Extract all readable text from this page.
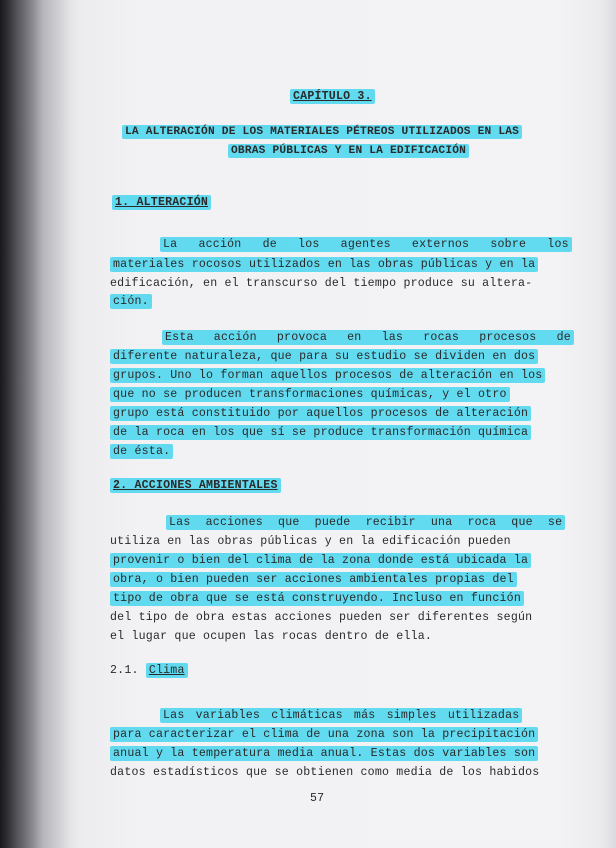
CAPÍTULO 3.
LA ALTERACIÓN DE LOS MATERIALES PÉTREOS UTILIZADOS EN LAS
OBRAS PÚBLICAS Y EN LA EDIFICACIÓN
1. ALTERACIÓN
La acción de los agentes externos sobre los
materiales rocosos utilizados en las obras públicas y en la
edificación, en el transcurso del tiempo produce su altera-
ción.
Esta acción provoca en las rocas procesos de
diferente naturaleza, que para su estudio se dividen en dos
grupos. Uno lo forman aquellos procesos de alteración en los
que no se producen transformaciones químicas, y el otro
grupo está constituido por aquellos procesos de alteración
de la roca en los que sí se produce transformación química
de ésta.
2. ACCIONES AMBIENTALES
Las acciones que puede recibir una roca que se
utiliza en las obras públicas y en la edificación pueden
provenir o bien del clima de la zona donde está ubicada la
obra, o bien pueden ser acciones ambientales propias del
tipo de obra que se está construyendo. Incluso en función
del tipo de obra estas acciones pueden ser diferentes según
el lugar que ocupen las rocas dentro de ella.
2.1. Clima
Las variables climáticas más simples utilizadas
para caracterizar el clima de una zona son la precipitación
anual y la temperatura media anual. Estas dos variables son
datos estadísticos que se obtienen como media de los habidos
57
